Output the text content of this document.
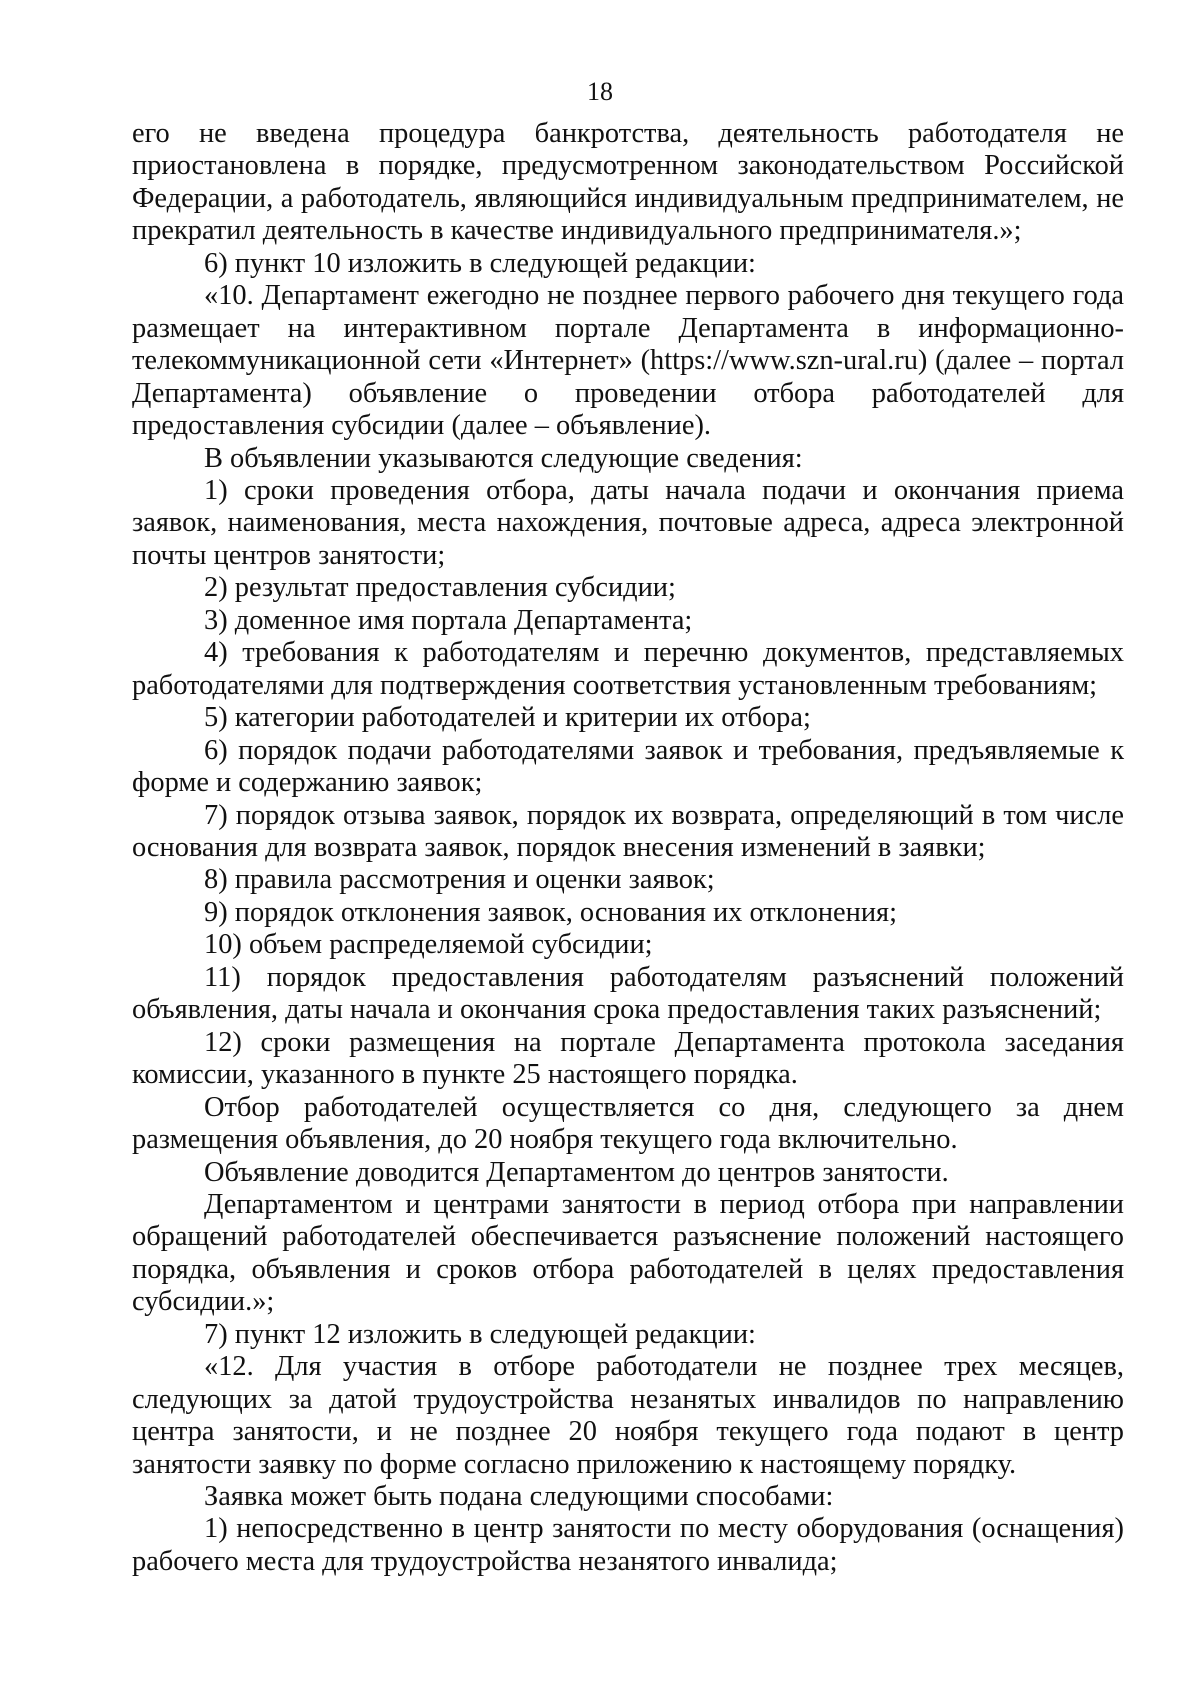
18

его не введена процедура банкротства, деятельность работодателя не приостановлена в порядке, предусмотренном законодательством Российской Федерации, а работодатель, являющийся индивидуальным предпринимателем, не прекратил деятельность в качестве индивидуального предпринимателя.»;

6) пункт 10 изложить в следующей редакции:

«10. Департамент ежегодно не позднее первого рабочего дня текущего года размещает на интерактивном портале Департамента в информационно-телекоммуникационной сети «Интернет» (https://www.szn-ural.ru) (далее – портал Департамента) объявление о проведении отбора работодателей для предоставления субсидии (далее – объявление).

В объявлении указываются следующие сведения:

1) сроки проведения отбора, даты начала подачи и окончания приема заявок, наименования, места нахождения, почтовые адреса, адреса электронной почты центров занятости;

2) результат предоставления субсидии;

3) доменное имя портала Департамента;

4) требования к работодателям и перечню документов, представляемых работодателями для подтверждения соответствия установленным требованиям;

5) категории работодателей и критерии их отбора;

6) порядок подачи работодателями заявок и требования, предъявляемые к форме и содержанию заявок;

7) порядок отзыва заявок, порядок их возврата, определяющий в том числе основания для возврата заявок, порядок внесения изменений в заявки;

8) правила рассмотрения и оценки заявок;

9) порядок отклонения заявок, основания их отклонения;

10) объем распределяемой субсидии;

11) порядок предоставления работодателям разъяснений положений объявления, даты начала и окончания срока предоставления таких разъяснений;

12) сроки размещения на портале Департамента протокола заседания комиссии, указанного в пункте 25 настоящего порядка.

Отбор работодателей осуществляется со дня, следующего за днем размещения объявления, до 20 ноября текущего года включительно.

Объявление доводится Департаментом до центров занятости.

Департаментом и центрами занятости в период отбора при направлении обращений работодателей обеспечивается разъяснение положений настоящего порядка, объявления и сроков отбора работодателей в целях предоставления субсидии.»;

7) пункт 12 изложить в следующей редакции:

«12. Для участия в отборе работодатели не позднее трех месяцев, следующих за датой трудоустройства незанятых инвалидов по направлению центра занятости, и не позднее 20 ноября текущего года подают в центр занятости заявку по форме согласно приложению к настоящему порядку.

Заявка может быть подана следующими способами:

1) непосредственно в центр занятости по месту оборудования (оснащения) рабочего места для трудоустройства незанятого инвалида;
